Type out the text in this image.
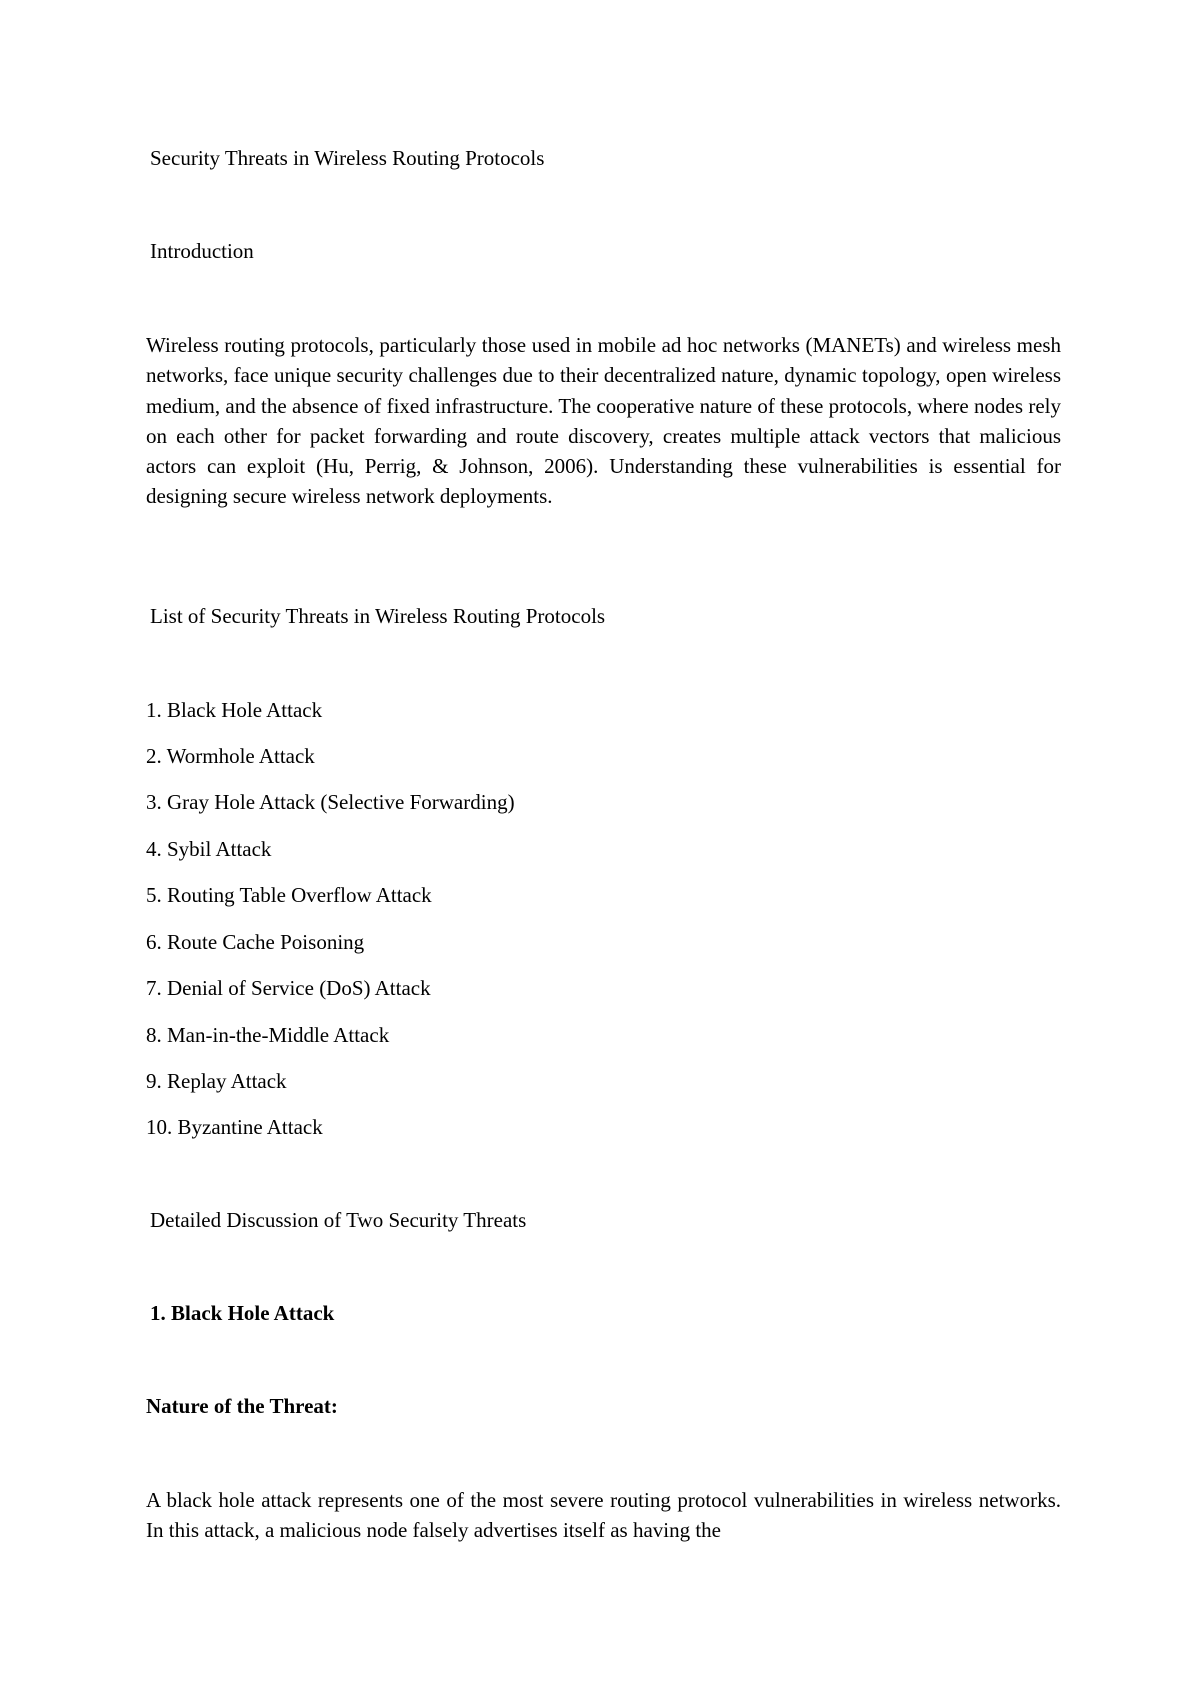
Security Threats in Wireless Routing Protocols
Introduction
Wireless routing protocols, particularly those used in mobile ad hoc networks (MANETs) and wireless mesh networks, face unique security challenges due to their decentralized nature, dynamic topology, open wireless medium, and the absence of fixed infrastructure. The cooperative nature of these protocols, where nodes rely on each other for packet forwarding and route discovery, creates multiple attack vectors that malicious actors can exploit (Hu, Perrig, & Johnson, 2006). Understanding these vulnerabilities is essential for designing secure wireless network deployments.
List of Security Threats in Wireless Routing Protocols
1. Black Hole Attack
2. Wormhole Attack
3. Gray Hole Attack (Selective Forwarding)
4. Sybil Attack
5. Routing Table Overflow Attack
6. Route Cache Poisoning
7. Denial of Service (DoS) Attack
8. Man-in-the-Middle Attack
9. Replay Attack
10. Byzantine Attack
Detailed Discussion of Two Security Threats
1. Black Hole Attack
Nature of the Threat:
A black hole attack represents one of the most severe routing protocol vulnerabilities in wireless networks. In this attack, a malicious node falsely advertises itself as having the
